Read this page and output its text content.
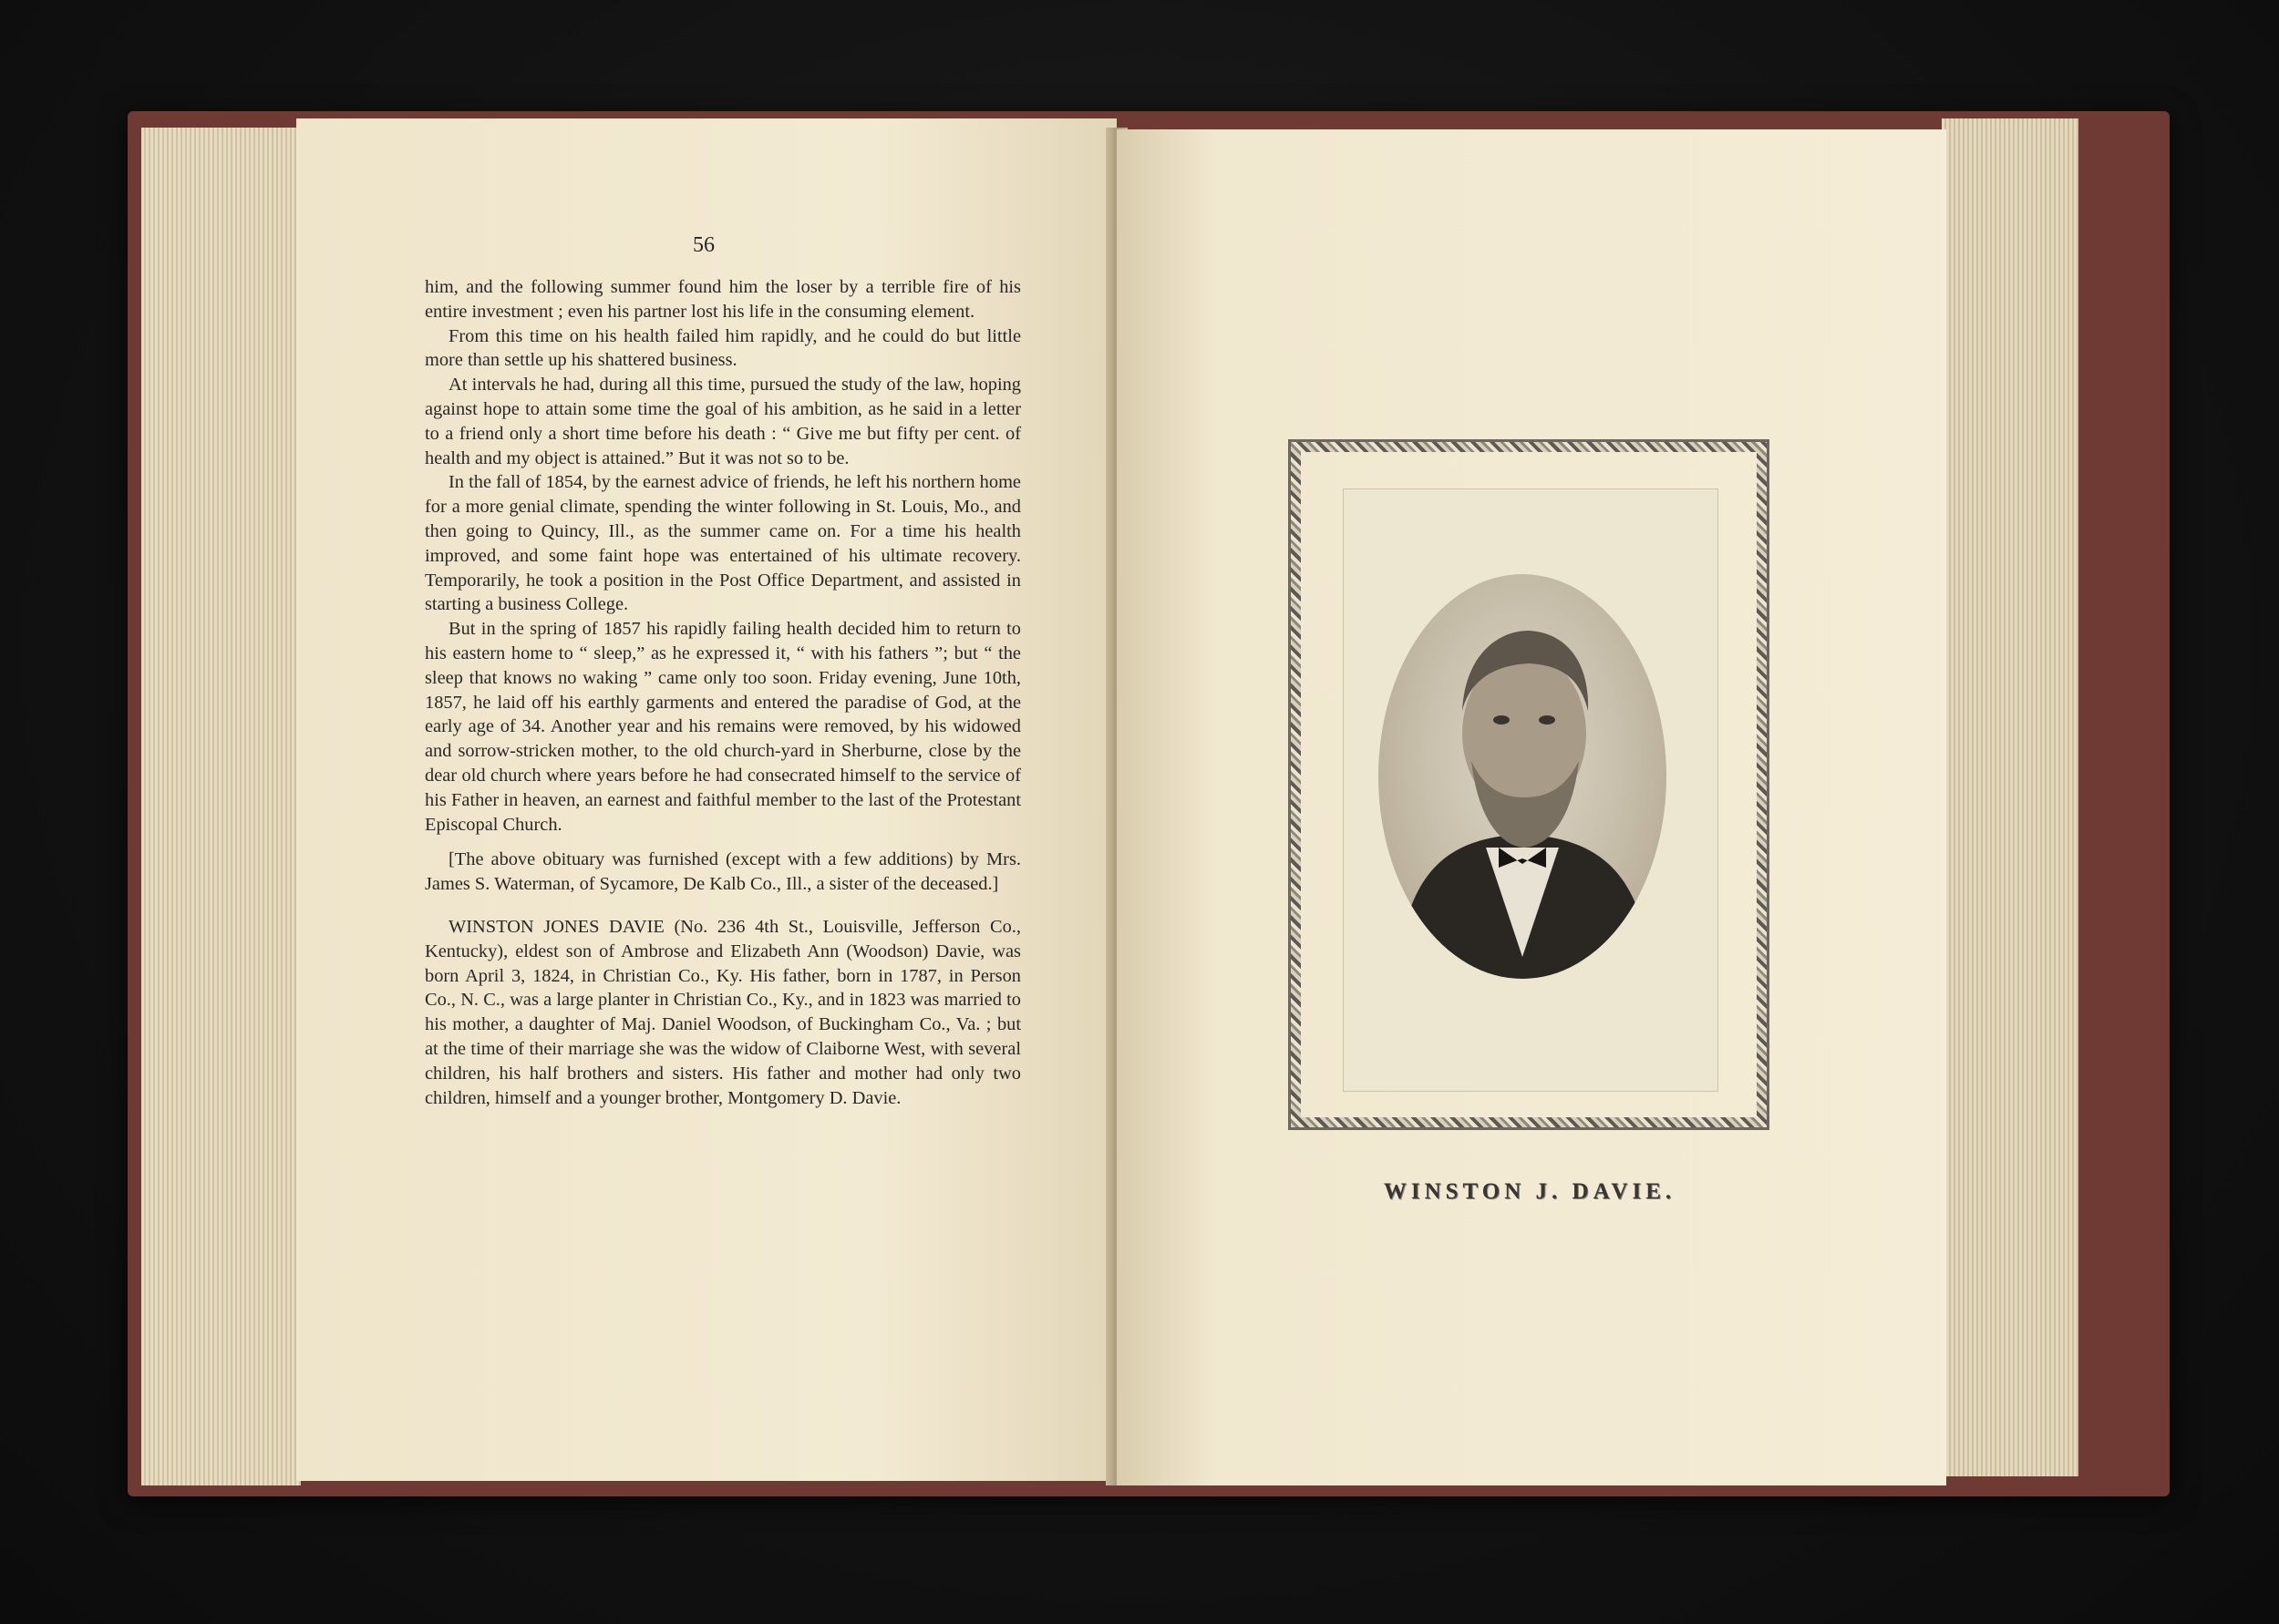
56

him, and the following summer found him the loser by a terrible fire of his entire investment ; even his partner lost his life in the consuming element.

From this time on his health failed him rapidly, and he could do but little more than settle up his shattered business.

At intervals he had, during all this time, pursued the study of the law, hoping against hope to attain some time the goal of his ambition, as he said in a letter to a friend only a short time before his death : “ Give me but fifty per cent. of health and my object is attained.” But it was not so to be.

In the fall of 1854, by the earnest advice of friends, he left his northern home for a more genial climate, spending the winter following in St. Louis, Mo., and then going to Quincy, Ill., as the summer came on. For a time his health improved, and some faint hope was entertained of his ultimate recovery. Temporarily, he took a position in the Post Office Department, and assisted in starting a business College.

But in the spring of 1857 his rapidly failing health decided him to return to his eastern home to “ sleep,” as he expressed it, “ with his fathers ”; but “ the sleep that knows no waking ” came only too soon. Friday evening, June 10th, 1857, he laid off his earthly garments and entered the paradise of God, at the early age of 34. Another year and his remains were removed, by his widowed and sorrow-stricken mother, to the old church-yard in Sherburne, close by the dear old church where years before he had consecrated himself to the service of his Father in heaven, an earnest and faithful member to the last of the Protestant Episcopal Church.

[The above obituary was furnished (except with a few additions) by Mrs. James S. Waterman, of Sycamore, De Kalb Co., Ill., a sister of the deceased.]

WINSTON JONES DAVIE (No. 236 4th St., Louisville, Jefferson Co., Kentucky), eldest son of Ambrose and Elizabeth Ann (Woodson) Davie, was born April 3, 1824, in Christian Co., Ky. His father, born in 1787, in Person Co., N. C., was a large planter in Christian Co., Ky., and in 1823 was married to his mother, a daughter of Maj. Daniel Woodson, of Buckingham Co., Va. ; but at the time of their marriage she was the widow of Claiborne West, with several children, his half brothers and sisters. His father and mother had only two children, himself and a younger brother, Montgomery D. Davie.

WINSTON J. DAVIE.
